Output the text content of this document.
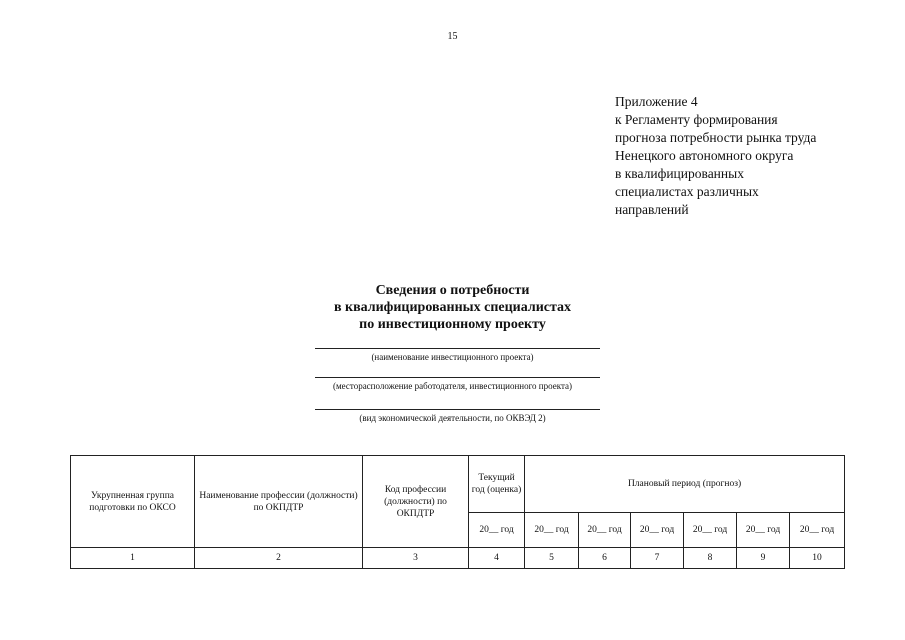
15
Приложение 4
к Регламенту формирования
прогноза потребности рынка труда
Ненецкого автономного округа
в квалифицированных
специалистах различных
направлений
Сведения о потребности
в квалифицированных специалистах
по инвестиционному проекту
(наименование инвестиционного проекта)
(месторасположение работодателя, инвестиционного проекта)
(вид экономической деятельности, по ОКВЭД 2)
Укрупненная группа подготовки по ОКСО	Наименование профессии (должности) по ОКПДТР	Код профессии (должности) по ОКПДТР	Текущий год (оценка)	Плановый период (прогноз)					
			20__ год	20__ год	20__ год	20__ год	20__ год	20__ год	20__ год
1	2	3	4	5	6	7	8	9	10
